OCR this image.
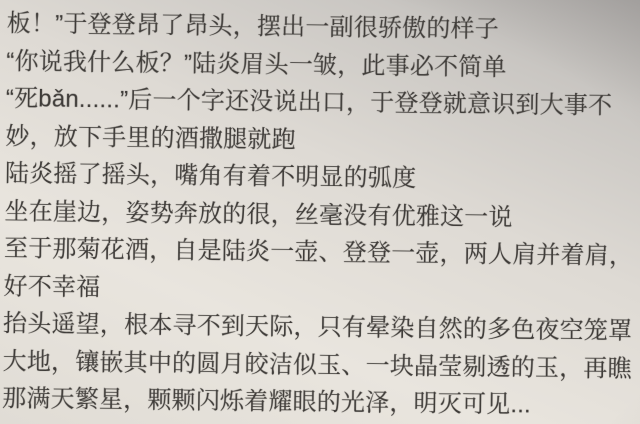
板！”于登登昂了昂头，摆出一副很骄傲的样子
“你说我什么板？”陆炎眉头一皱，此事必不简单
“死bǎn......”后一个字还没说出口，于登登就意识到大事不
妙，放下手里的酒撒腿就跑
陆炎摇了摇头，嘴角有着不明显的弧度
坐在崖边，姿势奔放的很，丝毫没有优雅这一说
至于那菊花酒，自是陆炎一壶、登登一壶，两人肩并着肩，
好不幸福
抬头遥望，根本寻不到天际，只有晕染自然的多色夜空笼罩
大地，镶嵌其中的圆月皎洁似玉、一块晶莹剔透的玉，再瞧
那满天繁星，颗颗闪烁着耀眼的光泽，明灭可见...
